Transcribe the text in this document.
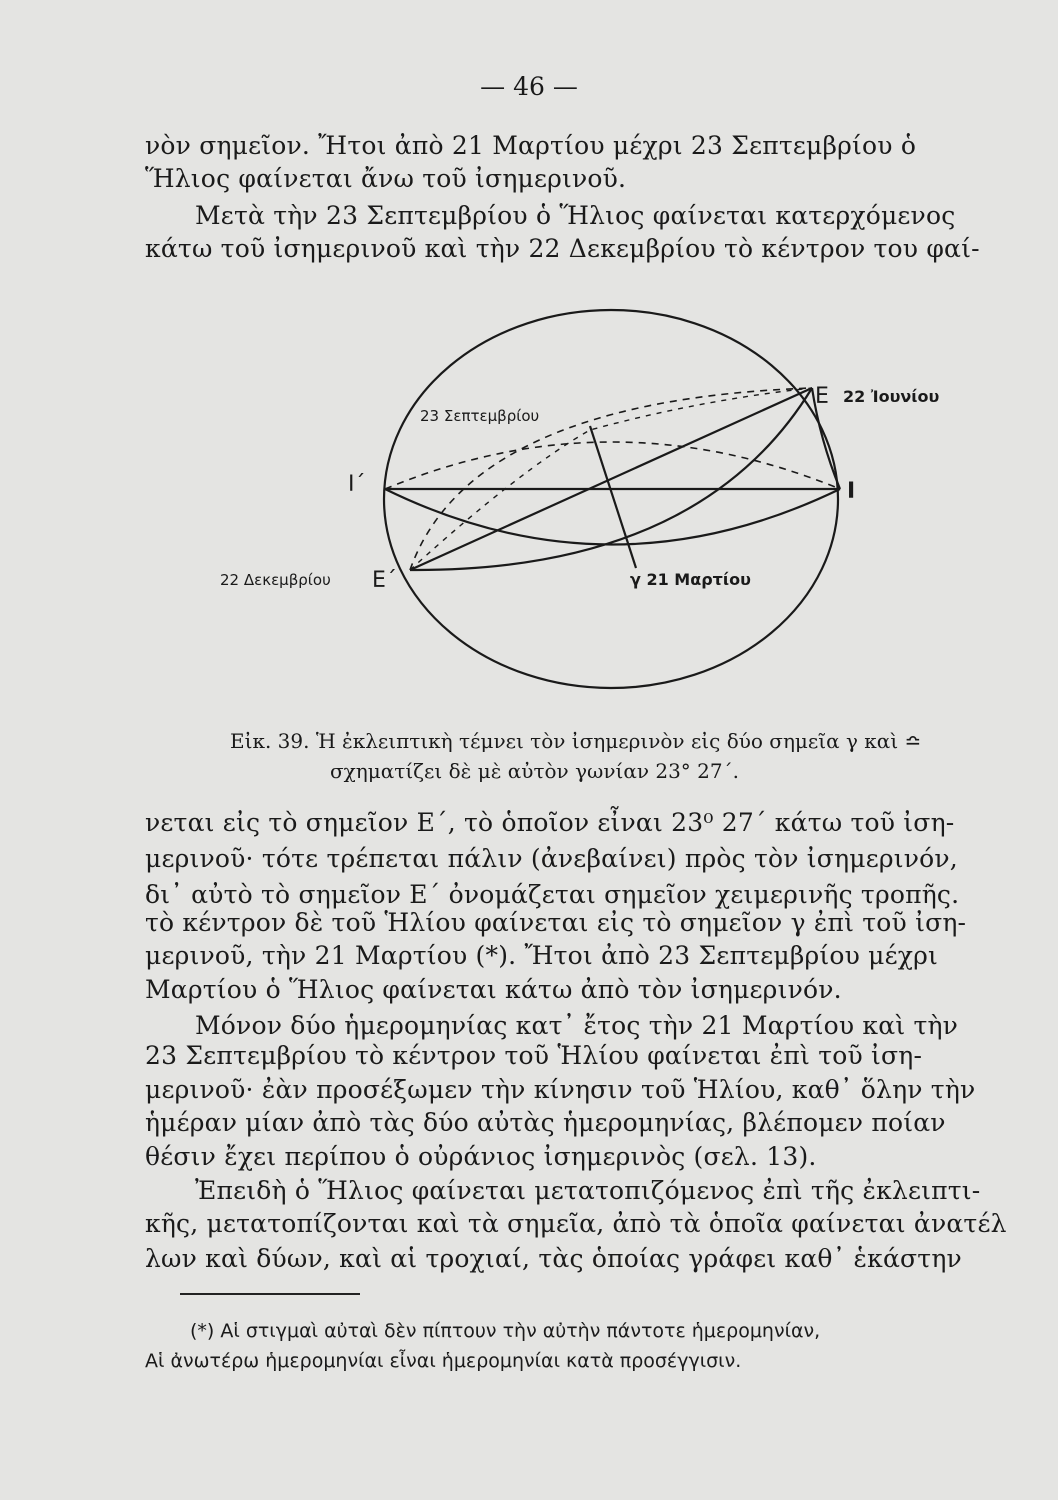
— 46 —
νὸν σημεῖον. Ἤτοι ἀπὸ 21 Μαρτίου μέχρι 23 Σεπτεμβρίου ὁ
Ἥλιος φαίνεται ἄνω τοῦ ἰσημερινοῦ.
Μετὰ τὴν 23 Σεπτεμβρίου ὁ Ἥλιος φαίνεται κατερχόμενος
κάτω τοῦ ἰσημερινοῦ καὶ τὴν 22 Δεκεμβρίου τὸ κέντρον του φαί-
23 Σεπτεμβρίου
Ε 22 Ἰουνίου
Ι΄	Ι
22 Δεκεμβρίου Ε΄	γ 21 Μαρτίου
Εἰκ. 39. Ἡ ἐκλειπτικὴ τέμνει τὸν ἰσημερινὸν εἰς δύο σημεῖα γ καὶ ≏
σχηματίζει δὲ μὲ αὐτὸν γωνίαν 23° 27΄.
νεται εἰς τὸ σημεῖον Ε΄, τὸ ὁποῖον εἶναι 23⁰ 27΄ κάτω τοῦ ἰση-
μερινοῦ· τότε τρέπεται πάλιν (ἀνεβαίνει) πρὸς τὸν ἰσημερινόν,
δι᾽ αὐτὸ τὸ σημεῖον Ε΄ ὀνομάζεται σημεῖον χειμερινῆς τροπῆς.
τὸ κέντρον δὲ τοῦ Ἡλίου φαίνεται εἰς τὸ σημεῖον γ ἐπὶ τοῦ ἰση-
μερινοῦ, τὴν 21 Μαρτίου (*). Ἤτοι ἀπὸ 23 Σεπτεμβρίου μέχρι
Μαρτίου ὁ Ἥλιος φαίνεται κάτω ἀπὸ τὸν ἰσημερινόν.
Μόνον δύο ἡμερομηνίας κατ᾽ ἔτος τὴν 21 Μαρτίου καὶ τὴν
23 Σεπτεμβρίου τὸ κέντρον τοῦ Ἡλίου φαίνεται ἐπὶ τοῦ ἰση-
μερινοῦ· ἐὰν προσέξωμεν τὴν κίνησιν τοῦ Ἡλίου, καθ᾽ ὅλην τὴν
ἡμέραν μίαν ἀπὸ τὰς δύο αὐτὰς ἡμερομηνίας, βλέπομεν ποίαν
θέσιν ἔχει περίπου ὁ οὐράνιος ἰσημερινὸς (σελ. 13).
Ἐπειδὴ ὁ Ἥλιος φαίνεται μετατοπιζόμενος ἐπὶ τῆς ἐκλειπτι-
κῆς, μετατοπίζονται καὶ τὰ σημεῖα, ἀπὸ τὰ ὁποῖα φαίνεται ἀνατέλ
λων καὶ δύων, καὶ αἱ τροχιαί, τὰς ὁποίας γράφει καθ᾽ ἑκάστην
(*) Αἱ στιγμαὶ αὐταὶ δὲν πίπτουν τὴν αὐτὴν πάντοτε ἡμερομηνίαν,
Αἱ ἀνωτέρω ἡμερομηνίαι εἶναι ἡμερομηνίαι κατὰ προσέγγισιν.
